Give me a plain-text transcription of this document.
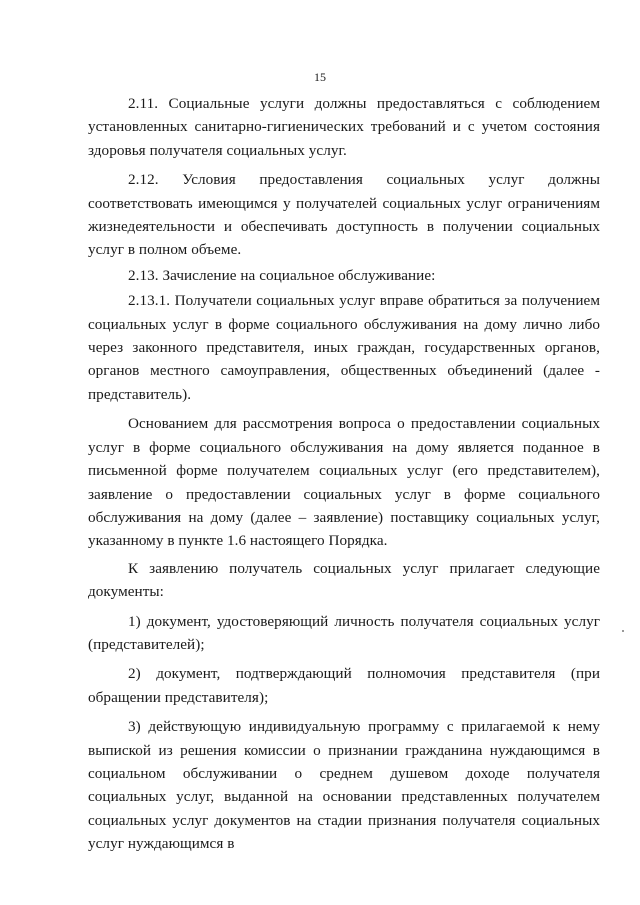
15

2.11. Социальные услуги должны предоставляться с соблюдением установленных санитарно-гигиенических требований и с учетом состояния здоровья получателя социальных услуг.

2.12. Условия предоставления социальных услуг должны соответствовать имеющимся у получателей социальных услуг ограничениям жизнедеятельности и обеспечивать доступность в получении социальных услуг в полном объеме.

2.13. Зачисление на социальное обслуживание:

2.13.1. Получатели социальных услуг вправе обратиться за получением социальных услуг в форме социального обслуживания на дому лично либо через законного представителя, иных граждан, государственных органов, органов местного самоуправления, общественных объединений (далее - представитель).

Основанием для рассмотрения вопроса о предоставлении социальных услуг в форме социального обслуживания на дому является поданное в письменной форме получателем социальных услуг (его представителем), заявление о предоставлении социальных услуг в форме социального обслуживания на дому (далее – заявление) поставщику социальных услуг, указанному в пункте 1.6 настоящего Порядка.

К заявлению получатель социальных услуг прилагает следующие документы:

1) документ, удостоверяющий личность получателя социальных услуг (представителей);

2) документ, подтверждающий полномочия представителя (при обращении представителя);

3) действующую индивидуальную программу с прилагаемой к нему выпиской из решения комиссии о признании гражданина нуждающимся в социальном обслуживании о среднем душевом доходе получателя социальных услуг, выданной на основании представленных получателем социальных услуг документов на стадии признания получателя социальных услуг нуждающимся в
